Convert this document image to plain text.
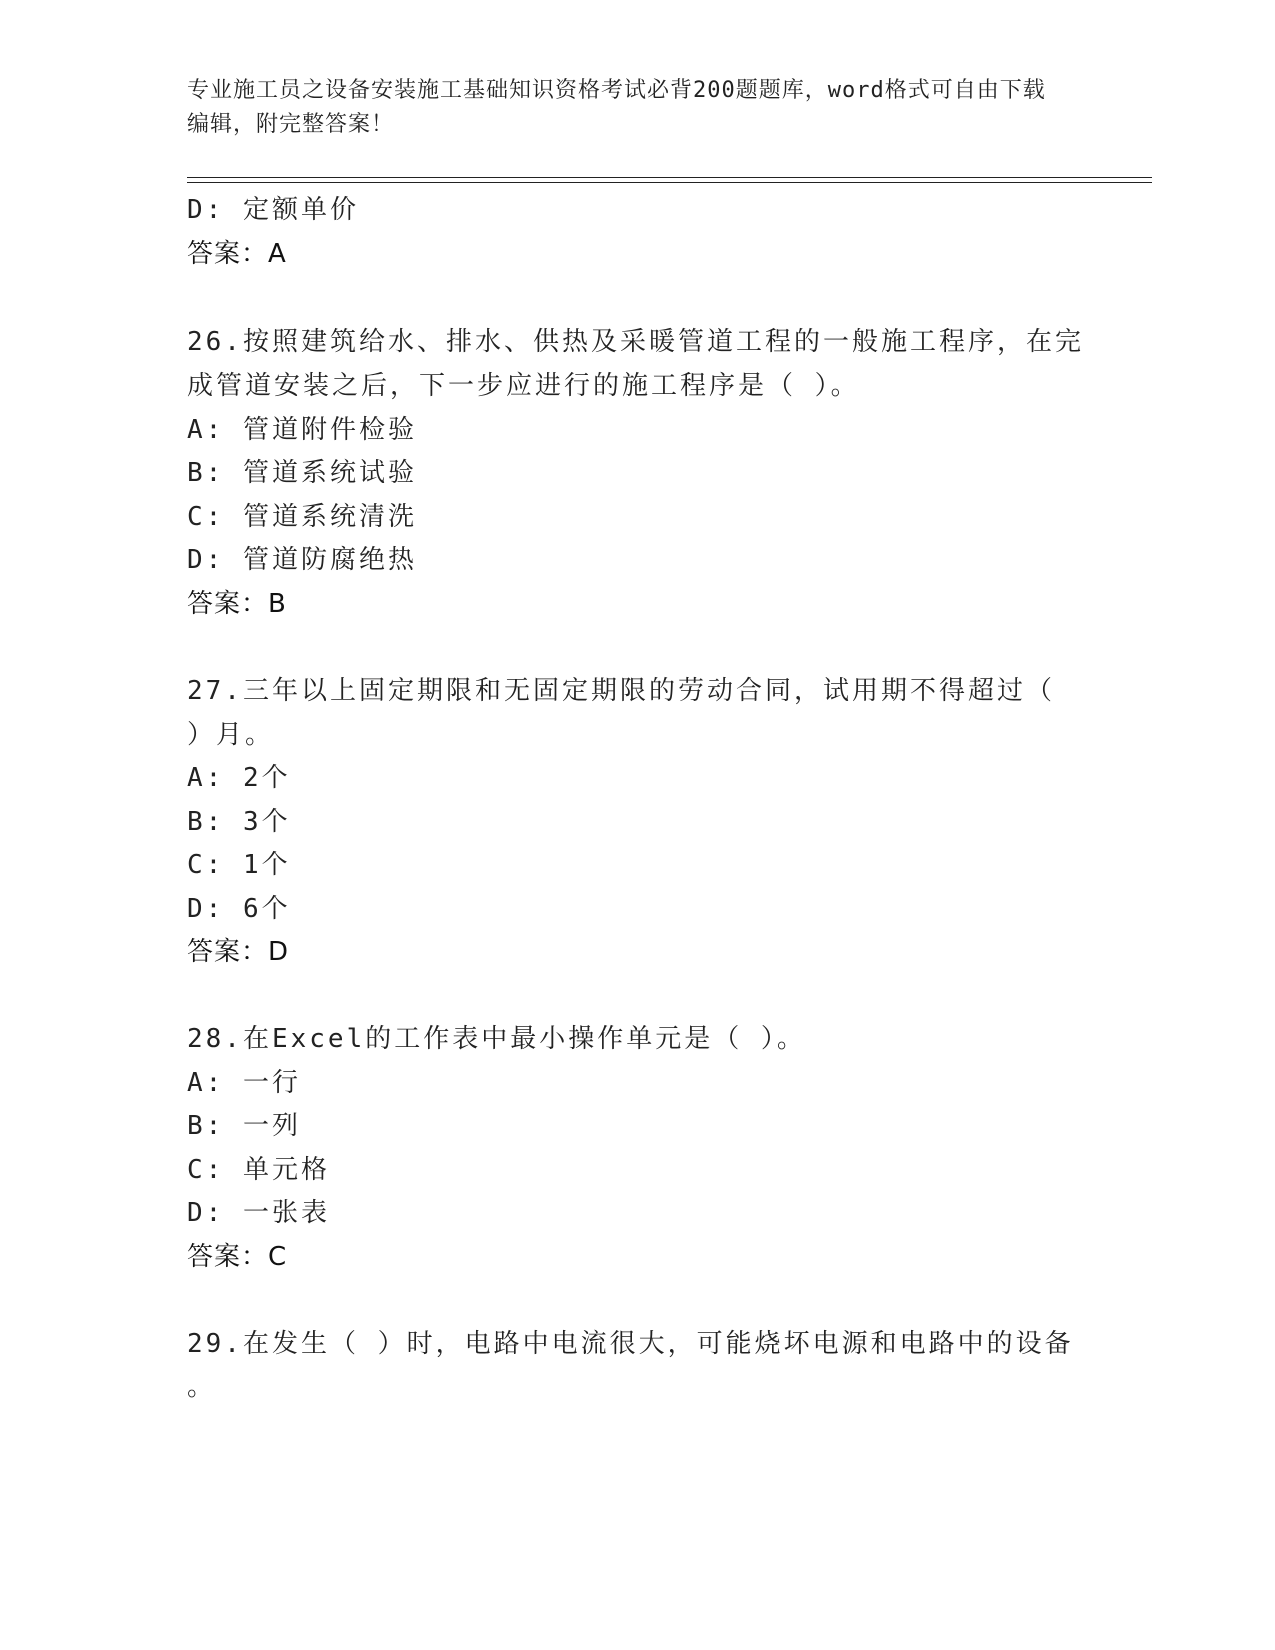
专业施工员之设备安装施工基础知识资格考试必背200题题库，word格式可自由下载编辑，附完整答案！
D: 定额单价
答案：A
26.按照建筑给水、排水、供热及采暖管道工程的一般施工程序，在完
成管道安装之后，下一步应进行的施工程序是（ ）。
A: 管道附件检验
B: 管道系统试验
C: 管道系统清洗
D: 管道防腐绝热
答案：B
27.三年以上固定期限和无固定期限的劳动合同，试用期不得超过（
）月。
A: 2个
B: 3个
C: 1个
D: 6个
答案：D
28.在Excel的工作表中最小操作单元是（ ）。
A: 一行
B: 一列
C: 单元格
D: 一张表
答案：C
29.在发生（ ）时，电路中电流很大，可能烧坏电源和电路中的设备
。
